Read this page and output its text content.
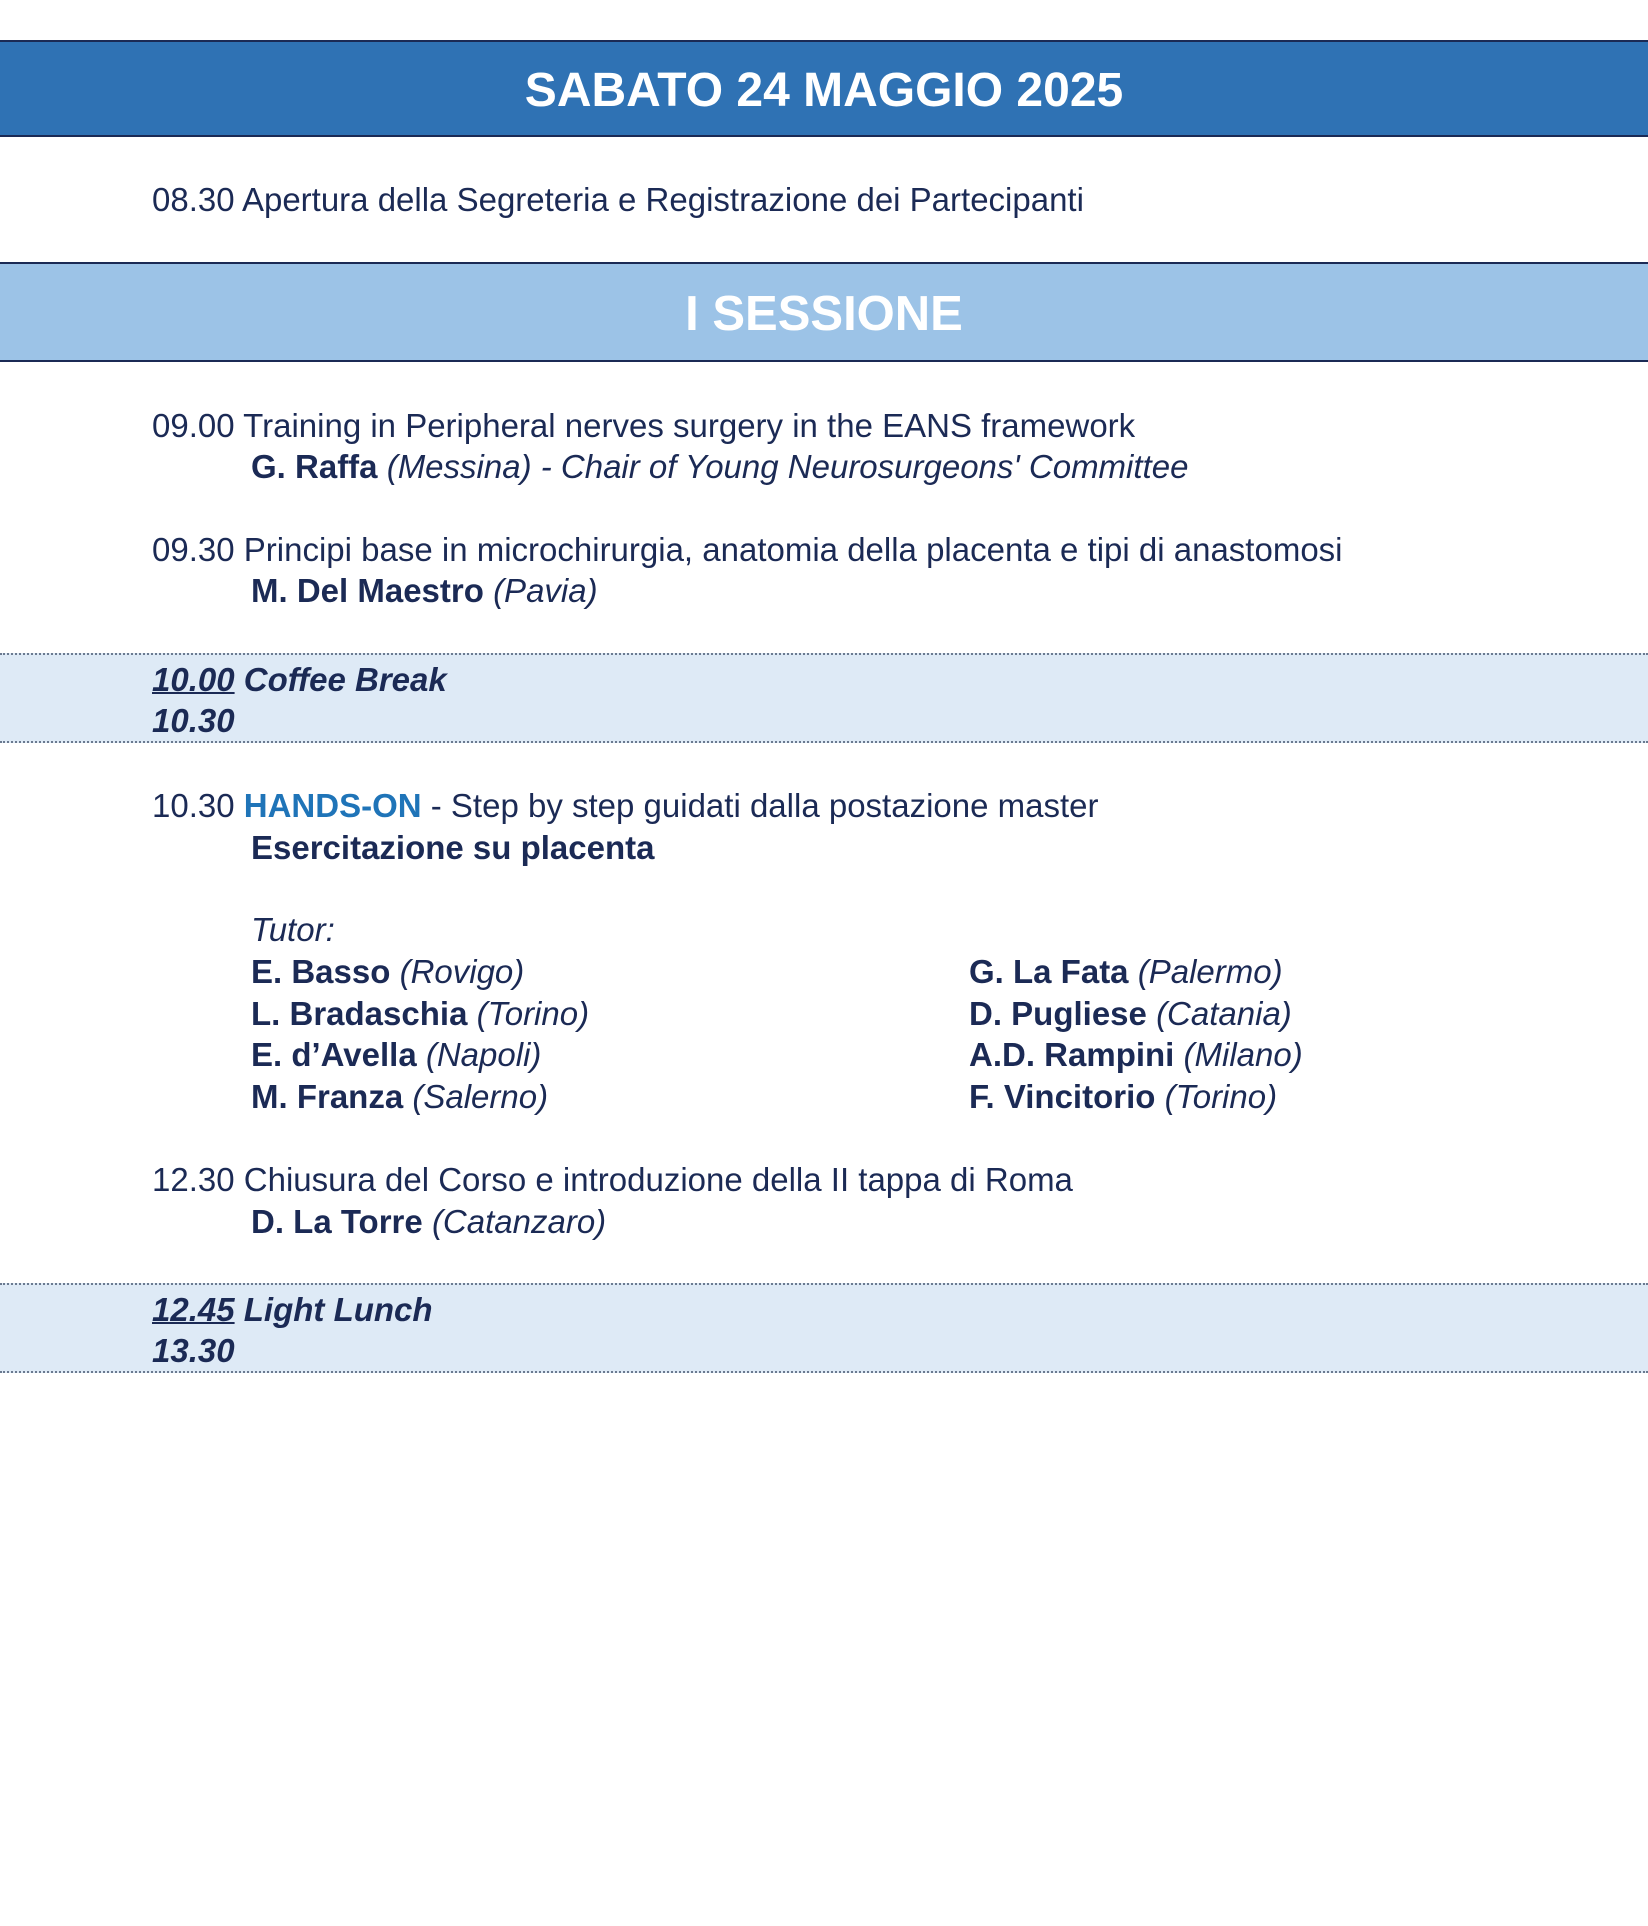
SABATO 24 MAGGIO 2025
08.30 Apertura della Segreteria e Registrazione dei Partecipanti
I SESSIONE
09.00 Training in Peripheral nerves surgery in the EANS framework
G. Raffa (Messina) - Chair of Young Neurosurgeons' Committee
09.30 Principi base in microchirurgia, anatomia della placenta e tipi di anastomosi
M. Del Maestro (Pavia)
10.00 Coffee Break
10.30
10.30 HANDS-ON - Step by step guidati dalla postazione master
Esercitazione su placenta
Tutor:
E. Basso (Rovigo)
L. Bradaschia (Torino)
E. d’Avella (Napoli)
M. Franza (Salerno)
G. La Fata (Palermo)
D. Pugliese (Catania)
A.D. Rampini (Milano)
F. Vincitorio (Torino)
12.30 Chiusura del Corso e introduzione della II tappa di Roma
D. La Torre (Catanzaro)
12.45 Light Lunch
13.30
